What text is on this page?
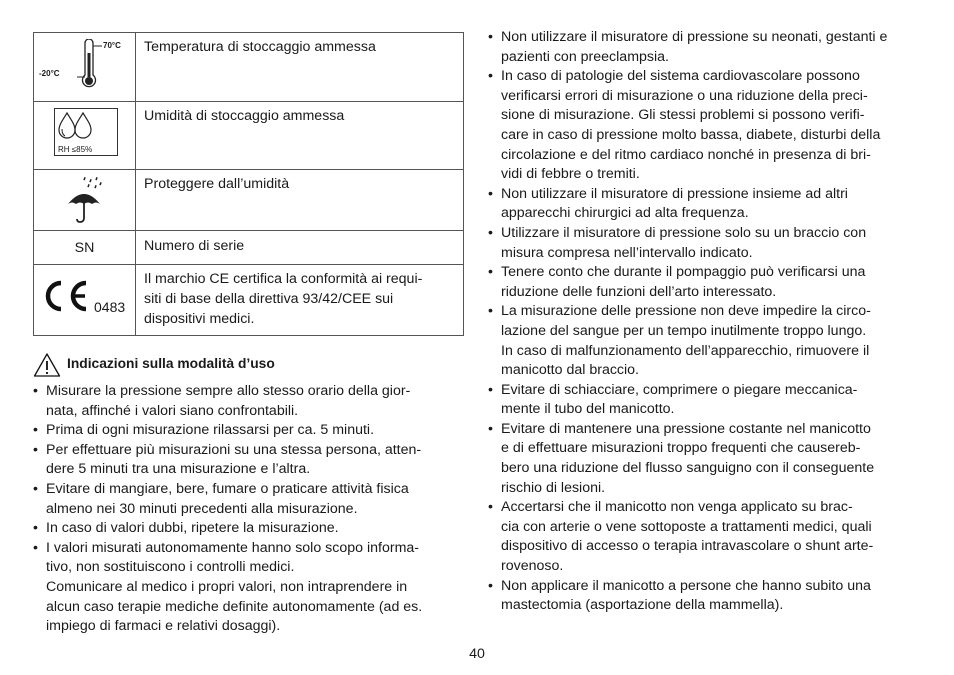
70°C
-20°C	Temperatura di stoccaggio ammessa

RH ≤85%	Umidità di stoccaggio ammessa

	Proteggere dall’umidità
SN	Numero di serie

0483	Il marchio CE certifica la conformità ai requi-
siti di base della direttiva 93/42/CEE sui
dispositivi medici.
Indicazioni sulla modalità d’uso
• Misurare la pressione sempre allo stesso orario della gior-
nata, affinché i valori siano confrontabili.
• Prima di ogni misurazione rilassarsi per ca. 5 minuti.
• Per effettuare più misurazioni su una stessa persona, atten-
dere 5 minuti tra una misurazione e l’altra.
• Evitare di mangiare, bere, fumare o praticare attività fisica
almeno nei 30 minuti precedenti alla misurazione.
• In caso di valori dubbi, ripetere la misurazione.
• I valori misurati autonomamente hanno solo scopo informa-
tivo, non sostituiscono i controlli medici.
Comunicare al medico i propri valori, non intraprendere in
alcun caso terapie mediche definite autonomamente (ad es.
impiego di farmaci e relativi dosaggi).
• Non utilizzare il misuratore di pressione su neonati, gestanti e
pazienti con preeclampsia.
• In caso di patologie del sistema cardiovascolare possono
verificarsi errori di misurazione o una riduzione della preci-
sione di misurazione. Gli stessi problemi si possono verifi-
care in caso di pressione molto bassa, diabete, disturbi della
circolazione e del ritmo cardiaco nonché in presenza di bri-
vidi di febbre o tremiti.
• Non utilizzare il misuratore di pressione insieme ad altri
apparecchi chirurgici ad alta frequenza.
• Utilizzare il misuratore di pressione solo su un braccio con
misura compresa nell’intervallo indicato.
• Tenere conto che durante il pompaggio può verificarsi una
riduzione delle funzioni dell’arto interessato.
• La misurazione delle pressione non deve impedire la circo-
lazione del sangue per un tempo inutilmente troppo lungo.
In caso di malfunzionamento dell’apparecchio, rimuovere il
manicotto dal braccio.
• Evitare di schiacciare, comprimere o piegare meccanica-
mente il tubo del manicotto.
• Evitare di mantenere una pressione costante nel manicotto
e di effettuare misurazioni troppo frequenti che causereb-
bero una riduzione del flusso sanguigno con il conseguente
rischio di lesioni.
• Accertarsi che il manicotto non venga applicato su brac-
cia con arterie o vene sottoposte a trattamenti medici, quali
dispositivo di accesso o terapia intravascolare o shunt arte-
rovenoso.
• Non applicare il manicotto a persone che hanno subito una
mastectomia (asportazione della mammella).
40
